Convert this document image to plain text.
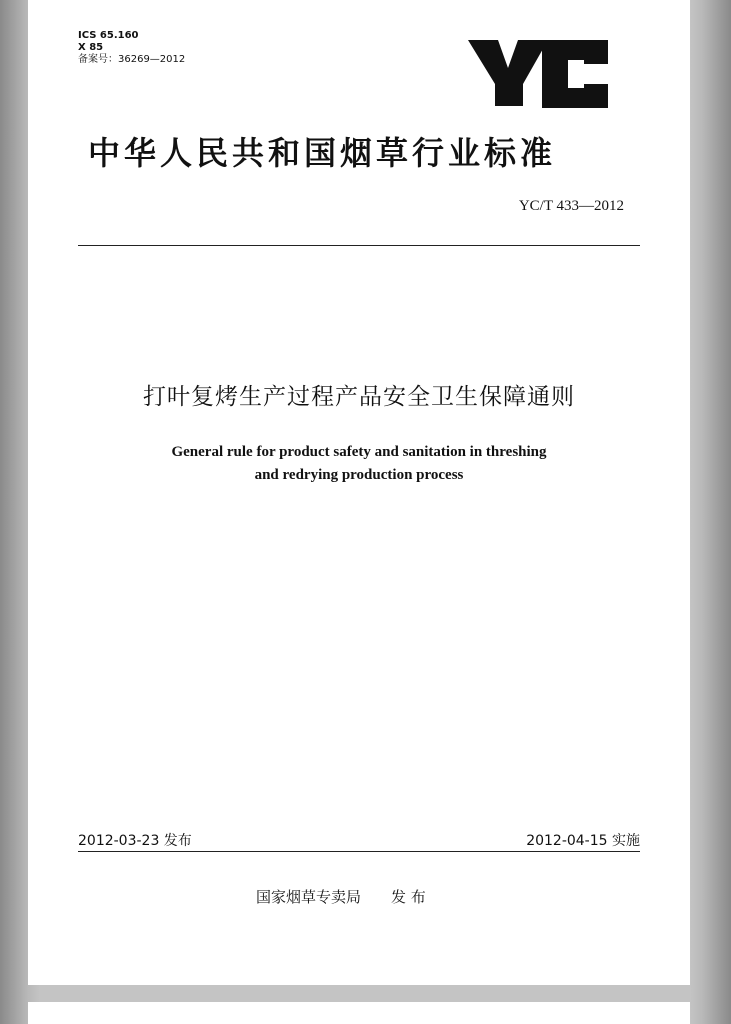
ICS 65.160
X 85
备案号：36269—2012
中华人民共和国烟草行业标准
YC/T 433—2012
打叶复烤生产过程产品安全卫生保障通则
General rule for product safety and sanitation in threshing
and redrying production process
2012-03-23 发布	2012-04-15 实施
国家烟草专卖局 发 布
